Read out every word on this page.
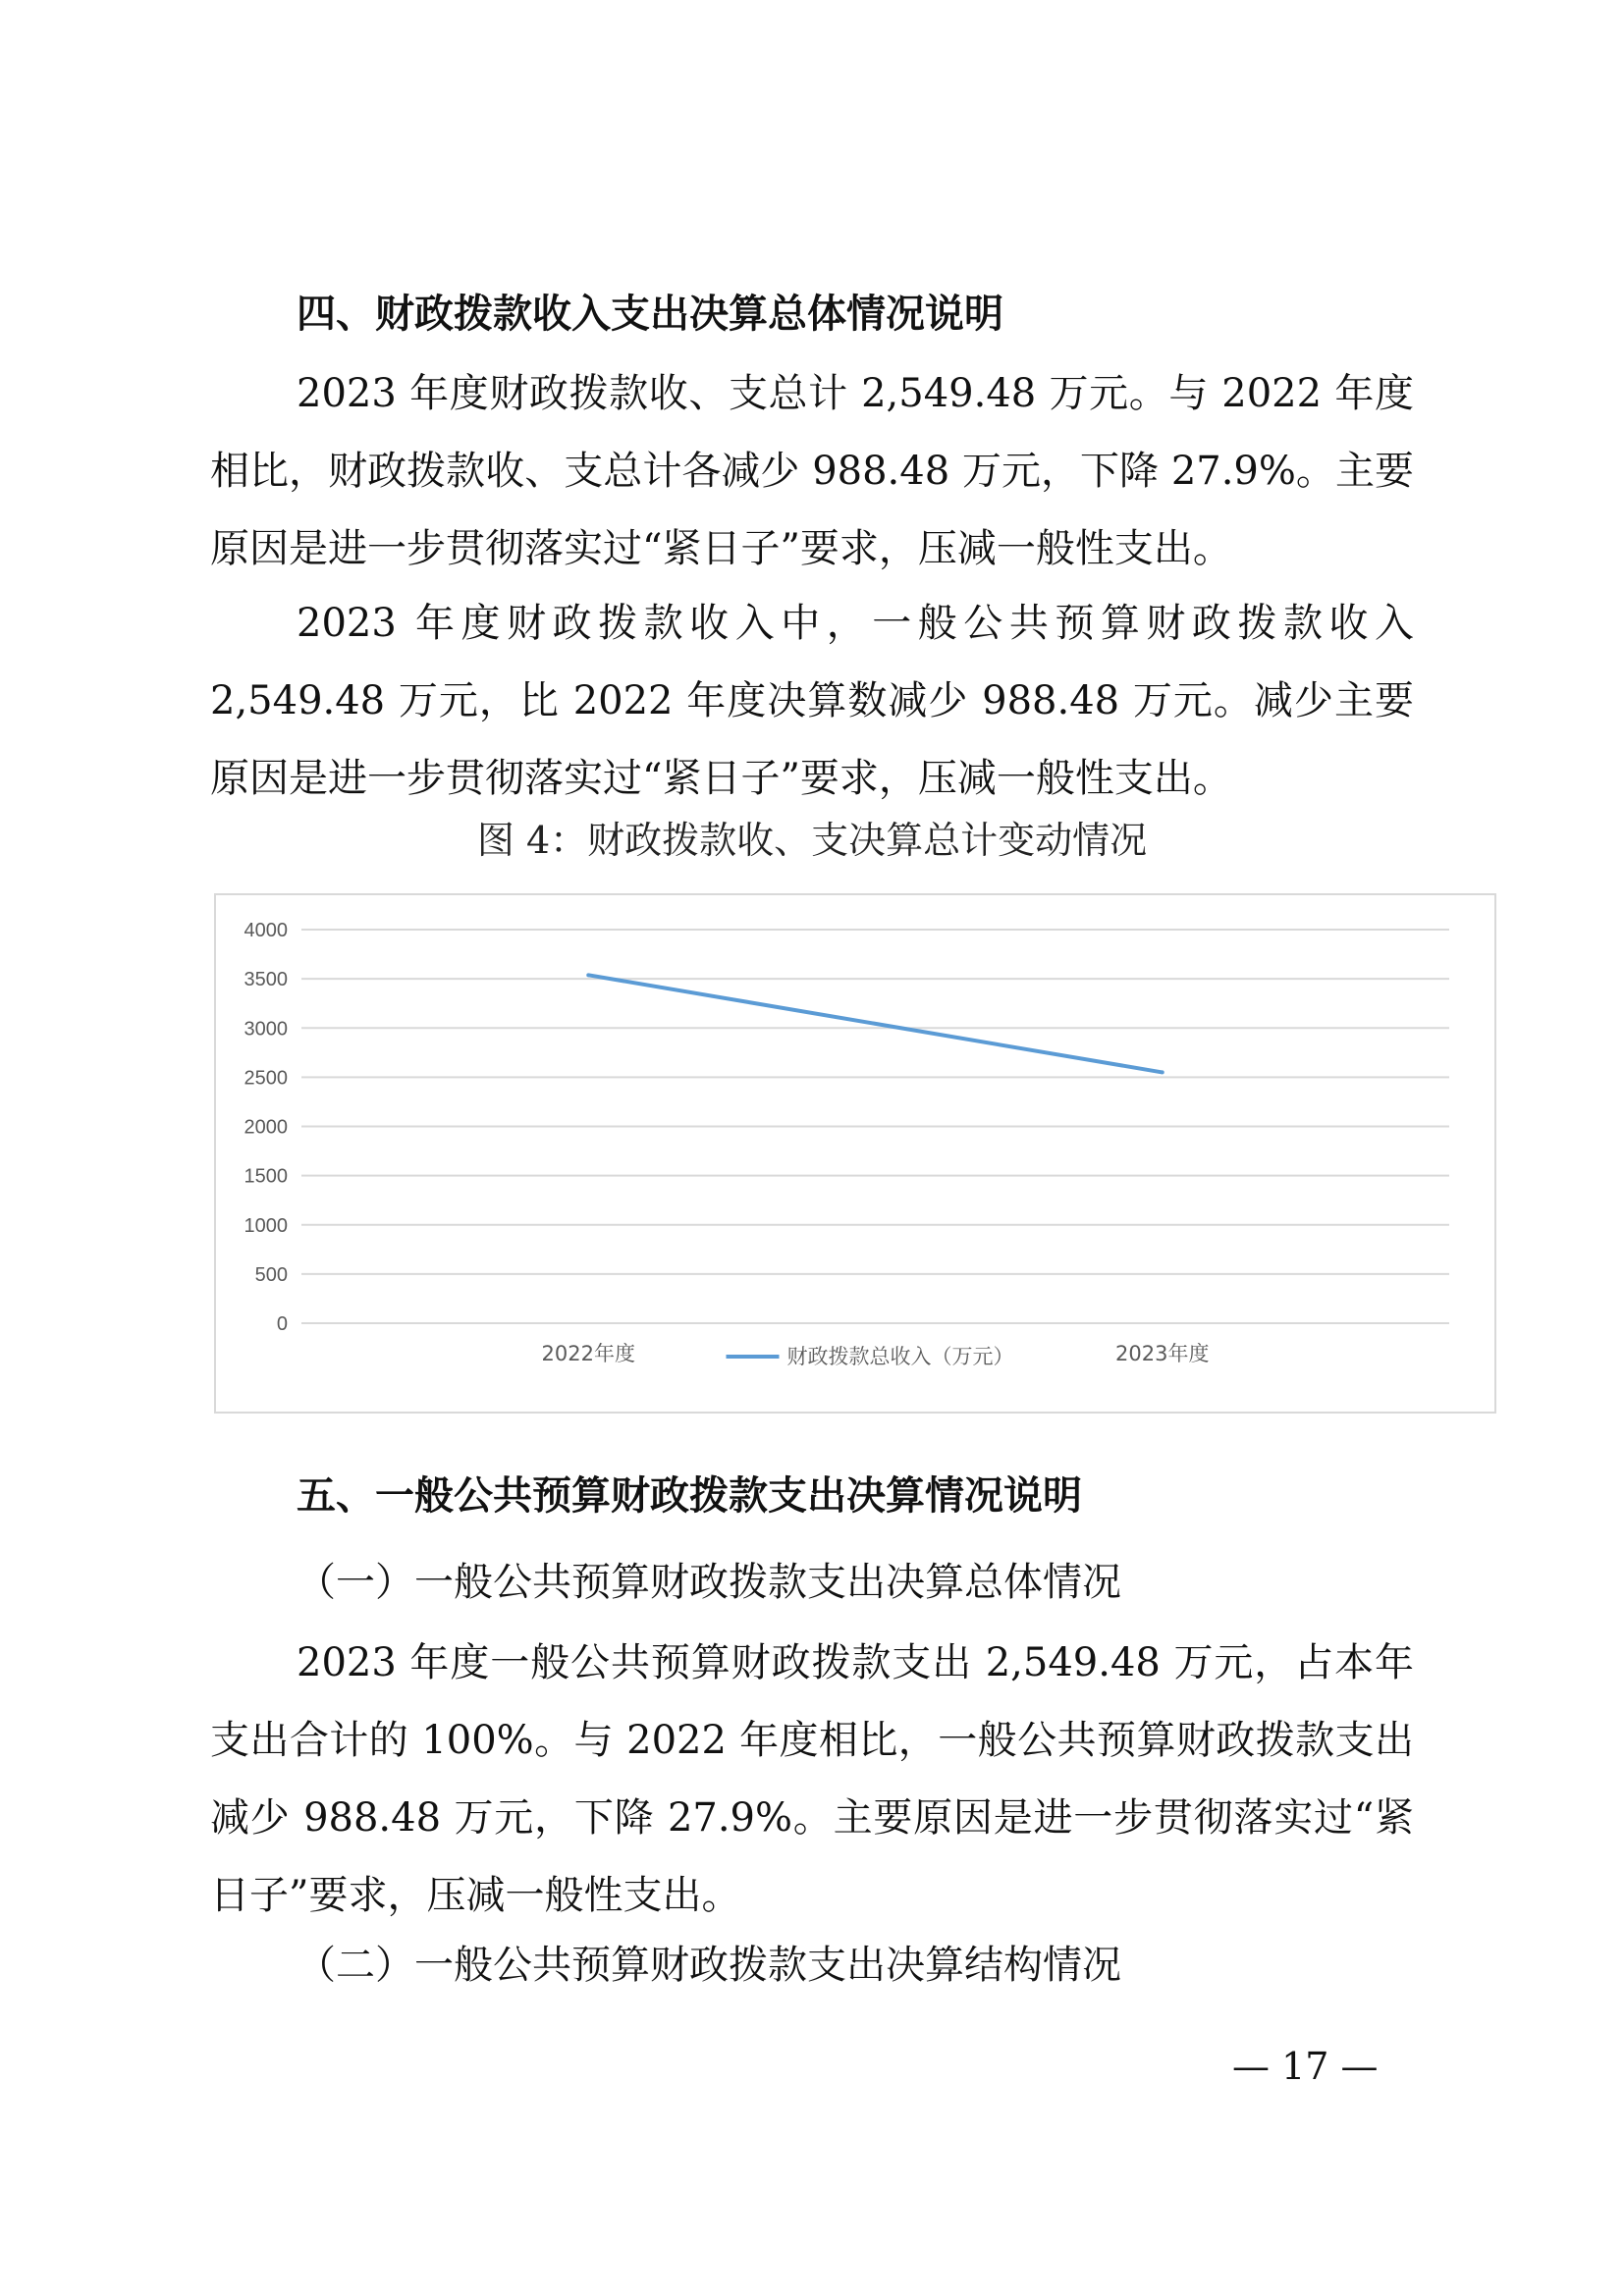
四、财政拨款收入支出决算总体情况说明
2023 年度财政拨款收、支总计 2,549.48 万元。与 2022 年度相比，财政拨款收、支总计各减少 988.48 万元，下降 27.9%。主要原因是进一步贯彻落实过“紧日子”要求，压减一般性支出。
2023 年度财政拨款收入中，一般公共预算财政拨款收入 2,549.48 万元，比 2022 年度决算数减少 988.48 万元。减少主要原因是进一步贯彻落实过“紧日子”要求，压减一般性支出。
图 4：财政拨款收、支决算总计变动情况
0
500
1000
1500
2000
2500
3000
3500
4000
2022年度	2023年度
财政拨款总收入（万元）
五、一般公共预算财政拨款支出决算情况说明
（一）一般公共预算财政拨款支出决算总体情况
2023 年度一般公共预算财政拨款支出 2,549.48 万元，占本年支出合计的 100%。与 2022 年度相比，一般公共预算财政拨款支出减少 988.48 万元，下降 27.9%。主要原因是进一步贯彻落实过“紧日子”要求，压减一般性支出。
（二）一般公共预算财政拨款支出决算结构情况
— 17 —
